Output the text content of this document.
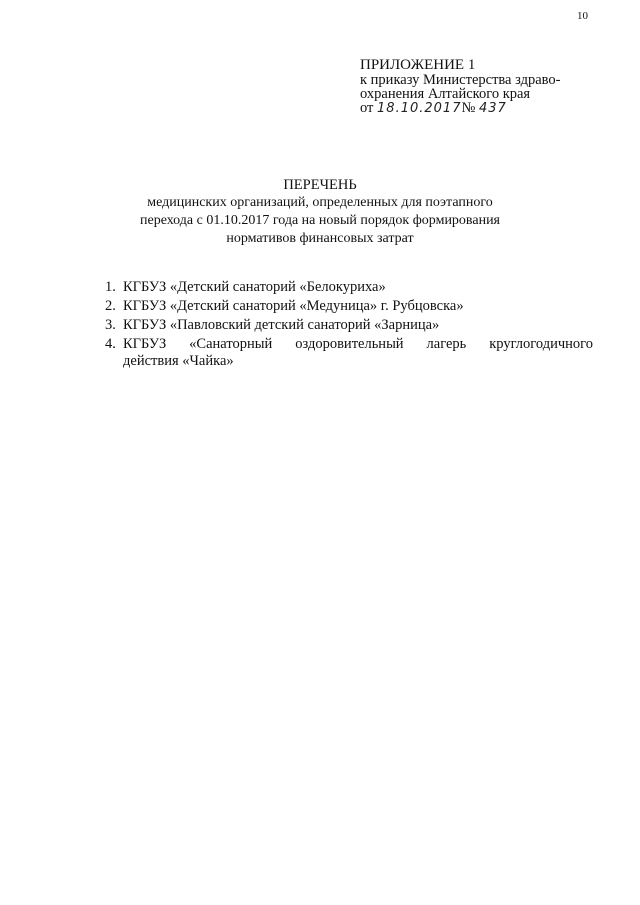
10
ПРИЛОЖЕНИЕ 1
к приказу Министерства здраво-
охранения Алтайского края
от 18.10.2017№ 437
ПЕРЕЧЕНЬ
медицинских организаций, определенных для поэтапного
перехода с 01.10.2017 года на новый порядок формирования
нормативов финансовых затрат
1. КГБУЗ «Детский санаторий «Белокуриха»
2. КГБУЗ «Детский санаторий «Медуница» г. Рубцовска»
3. КГБУЗ «Павловский детский санаторий «Зарница»
4. КГБУЗ «Санаторный оздоровительный лагерь круглогодичного
действия «Чайка»
